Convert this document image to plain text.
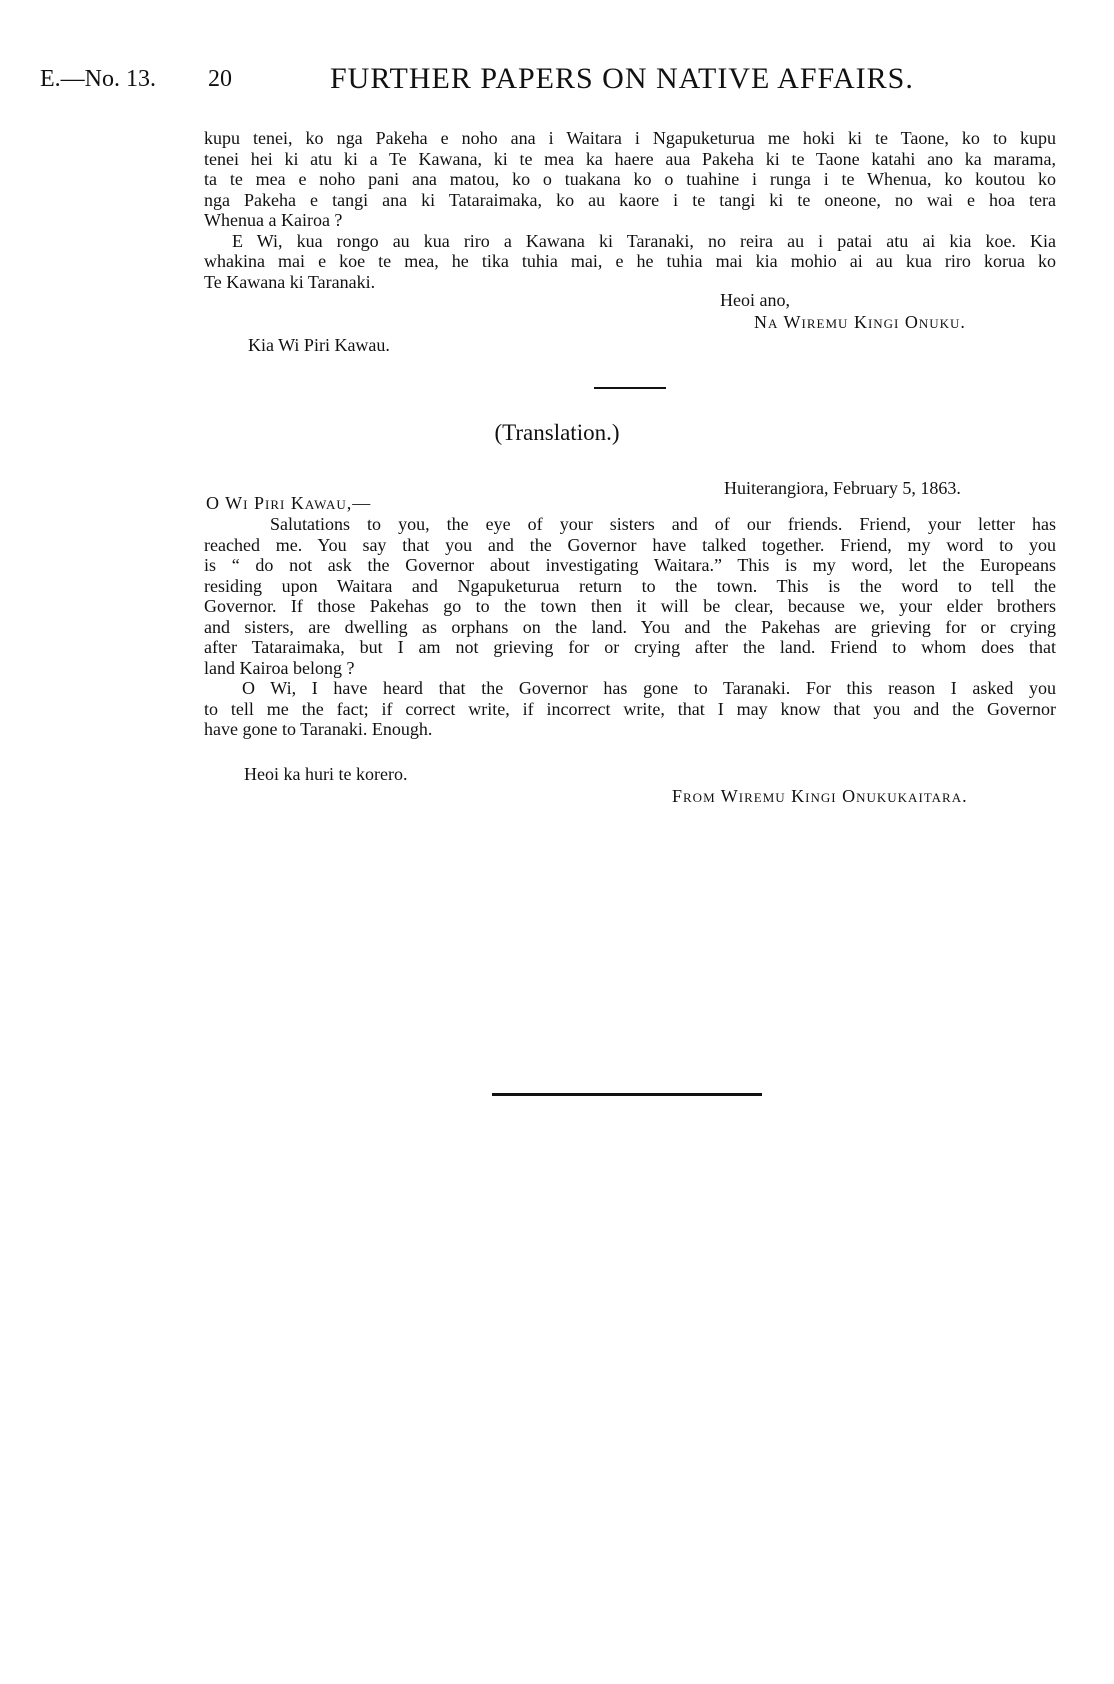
E.—No. 13. 20	FURTHER PAPERS ON NATIVE AFFAIRS.

kupu tenei, ko nga Pakeha e noho ana i Waitara i Ngapuketurua me hoki ki te Taone, ko to kupu
tenei hei ki atu ki a Te Kawana, ki te mea ka haere aua Pakeha ki te Taone katahi ano ka marama,
ta te mea e noho pani ana matou, ko o tuakana ko o tuahine i runga i te Whenua, ko koutou ko
nga Pakeha e tangi ana ki Tataraimaka, ko au kaore i te tangi ki te oneone, no wai e hoa tera
Whenua a Kairoa ?

E Wi, kua rongo au kua riro a Kawana ki Taranaki, no reira au i patai atu ai kia koe. Kia

whakina mai e koe te mea, he tika tuhia mai, e he tuhia mai kia mohio ai au kua riro korua ko
Te Kawana ki Taranaki.

Heoi ano,
Na Wiremu Kingi Onuku.
Kia Wi Piri Kawau.
(Translation.)
Huiterangiora, February 5, 1863.
O Wi Piri Kawau,—

Salutations to you, the eye of your sisters and of our friends. Friend, your letter has

reached me. You say that you and the Governor have talked together. Friend, my word to you
is “ do not ask the Governor about investigating Waitara.” This is my word, let the Europeans
residing upon Waitara and Ngapuketurua return to the town. This is the word to tell the
Governor. If those Pakehas go to the town then it will be clear, because we, your elder brothers
and sisters, are dwelling as orphans on the land. You and the Pakehas are grieving for or crying
after Tataraimaka, but I am not grieving for or crying after the land. Friend to whom does that
land Kairoa belong ?

O Wi, I have heard that the Governor has gone to Taranaki. For this reason I asked you

to tell me the fact; if correct write, if incorrect write, that I may know that you and the Governor
have gone to Taranaki. Enough.

Heoi ka huri te korero.
From Wiremu Kingi Onukukaitara.
